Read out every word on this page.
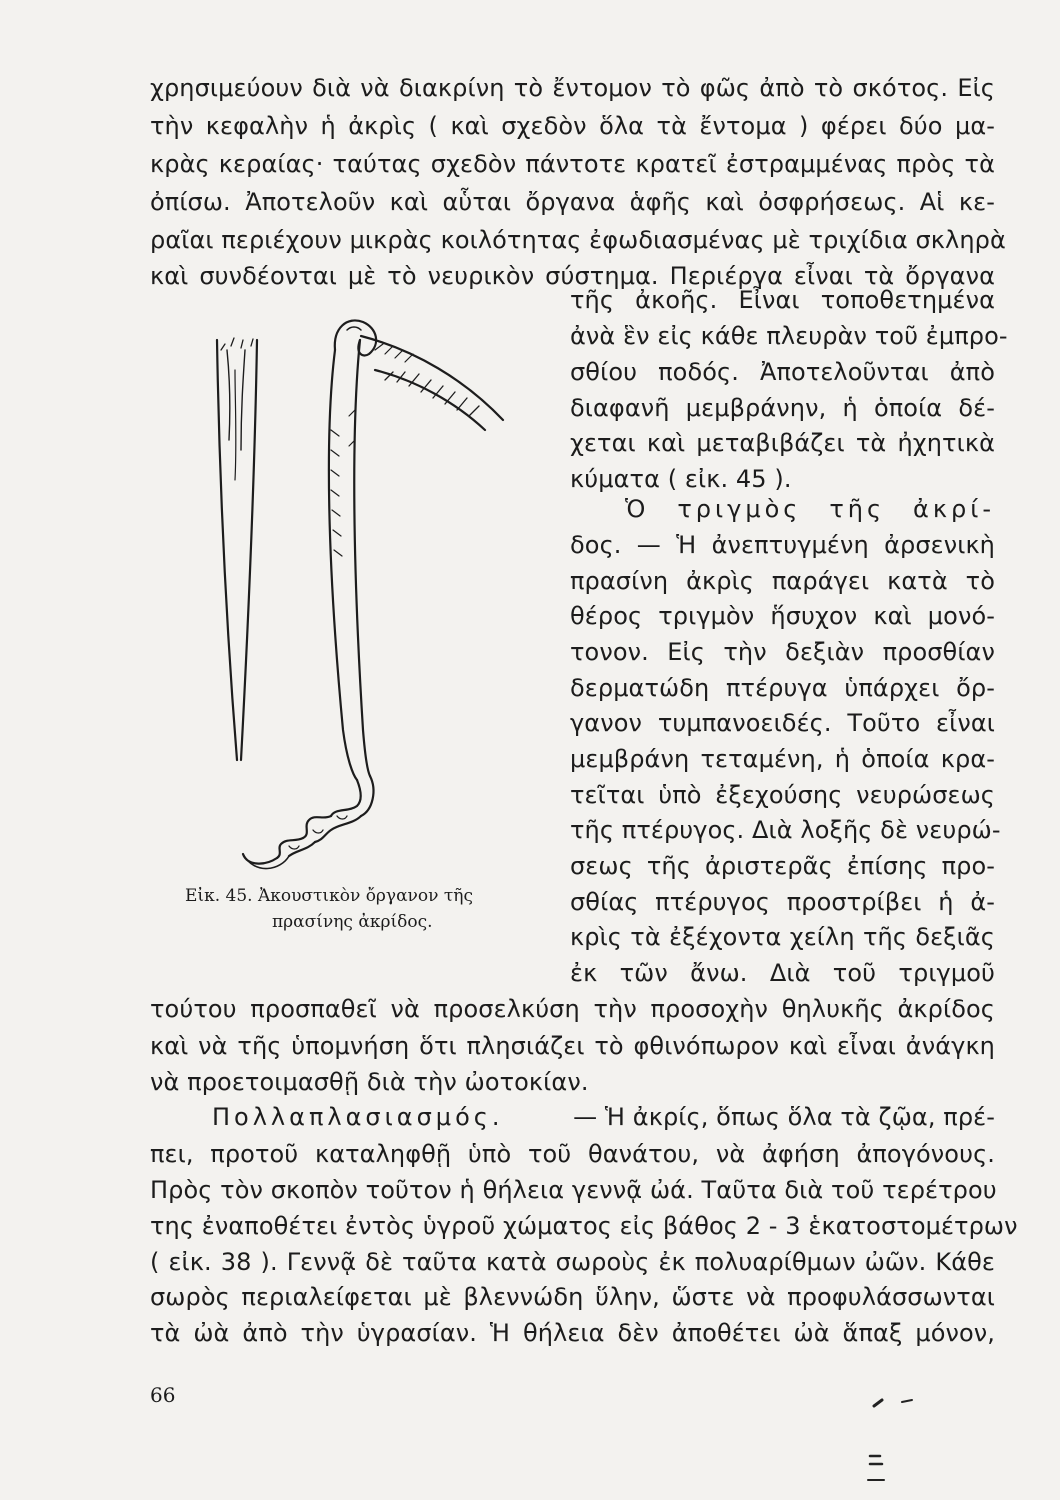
χρησιμεύουν διὰ νὰ διακρίνη τὸ ἔντομον τὸ φῶς ἀπὸ τὸ σκότος. Εἰς
τὴν κεφαλὴν ἡ ἀκρὶς ( καὶ σχεδὸν ὅλα τὰ ἔντομα ) φέρει δύο μα-
κρὰς κεραίας· ταύτας σχεδὸν πάντοτε κρατεῖ ἐστραμμένας πρὸς τὰ
ὀπίσω. Ἀποτελοῦν καὶ αὗται ὄργανα ἁφῆς καὶ ὀσφρήσεως. Αἱ κε-
ραῖαι περιέχουν μικρὰς κοιλότητας ἐφωδιασμένας μὲ τριχίδια σκληρὰ
καὶ συνδέονται μὲ τὸ νευρικὸν σύστημα. Περιέργα εἶναι τὰ ὄργανα
τῆς ἀκοῆς. Εἶναι τοποθετημένα
ἀνὰ ἓν εἰς κάθε πλευρὰν τοῦ ἐμπρο-
σθίου ποδός. Ἀποτελοῦνται ἀπὸ
διαφανῆ μεμβράνην, ἡ ὁποία δέ-
χεται καὶ μεταβιβάζει τὰ ἠχητικὰ
κύματα ( εἰκ. 45 ).
Ὁ τριγμὸς τῆς ἀκρί-
δος. — Ἡ ἀνεπτυγμένη ἀρσενικὴ
πρασίνη ἀκρὶς παράγει κατὰ τὸ
θέρος τριγμὸν ἥσυχον καὶ μονό-
τονον. Εἰς τὴν δεξιὰν προσθίαν
δερματώδη πτέρυγα ὑπάρχει ὄρ-
γανον τυμπανοειδές. Τοῦτο εἶναι
μεμβράνη τεταμένη, ἡ ὁποία κρα-
τεῖται ὑπὸ ἐξεχούσης νευρώσεως
τῆς πτέρυγος. Διὰ λοξῆς δὲ νευρώ-
σεως τῆς ἀριστερᾶς ἐπίσης προ-
σθίας πτέρυγος προστρίβει ἡ ἀ-
κρὶς τὰ ἐξέχοντα χείλη τῆς δεξιᾶς
ἐκ τῶν ἄνω. Διὰ τοῦ τριγμοῦ
Εἰκ. 45. Ἀκουστικὸν ὄργανον τῆς
πρασίνης ἀκρίδος.
τούτου προσπαθεῖ νὰ προσελκύση τὴν προσοχὴν θηλυκῆς ἀκρίδος
καὶ νὰ τῆς ὑπομνήση ὅτι πλησιάζει τὸ φθινόπωρον καὶ εἶναι ἀνάγκη
νὰ προετοιμασθῇ διὰ τὴν ὠοτοκίαν.
Πολλαπλασιασμός.	— Ἡ ἀκρίς, ὅπως ὅλα τὰ ζῷα, πρέ-
πει, προτοῦ καταληφθῇ ὑπὸ τοῦ θανάτου, νὰ ἀφήση ἀπογόνους.
Πρὸς τὸν σκοπὸν τοῦτον ἡ θήλεια γεννᾷ ὠά. Ταῦτα διὰ τοῦ τερέτρου
της ἐναποθέτει ἐντὸς ὑγροῦ χώματος εἰς βάθος 2 - 3 ἑκατοστομέτρων
( εἰκ. 38 ). Γεννᾷ δὲ ταῦτα κατὰ σωροὺς ἐκ πολυαρίθμων ὠῶν. Κάθε
σωρὸς περιαλείφεται μὲ βλεννώδη ὕλην, ὥστε νὰ προφυλάσσωνται
τὰ ὠὰ ἀπὸ τὴν ὑγρασίαν. Ἡ θήλεια δὲν ἀποθέτει ὠὰ ἅπαξ μόνον,
66
